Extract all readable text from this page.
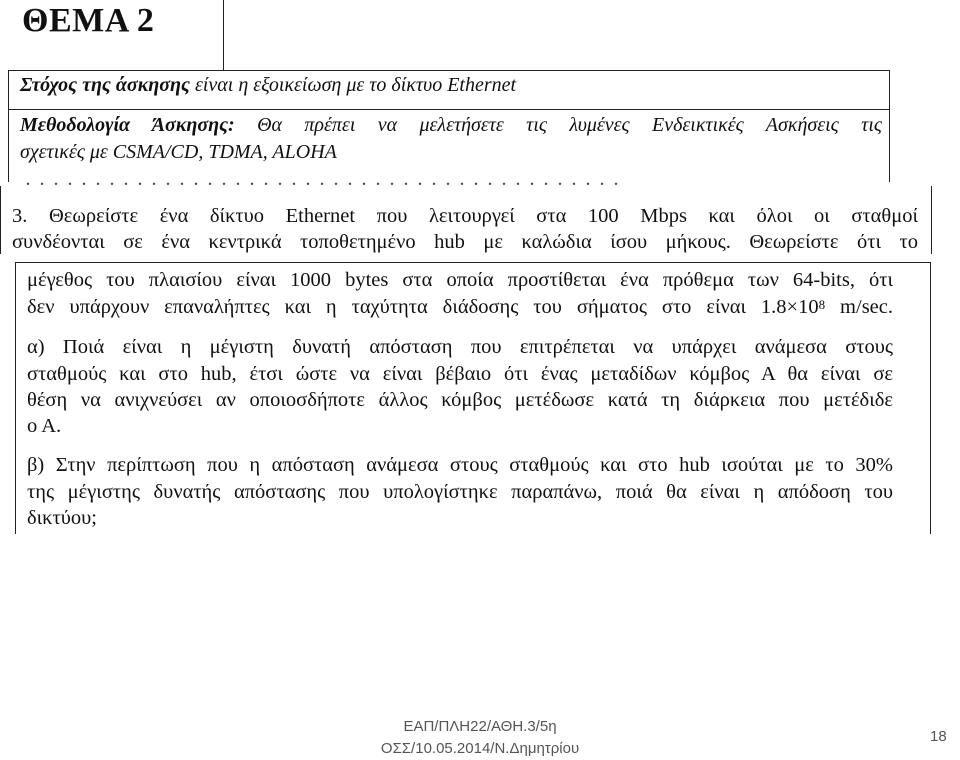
ΘΕΜΑ 2
Στόχος της άσκησης είναι η εξοικείωση με το δίκτυο Ethernet
Μεθοδολογία Άσκησης: Θα πρέπει να μελετήσετε τις λυμένες Ενδεικτικές Ασκήσεις τις
σχετικές με CSMA/CD, TDMA, ALOHA
. . . . . . . . . . . . . . . . . . . . . . . . . . . . . . . . . . . . . . . . . . .
3. Θεωρείστε ένα δίκτυο Ethernet που λειτουργεί στα 100 Mbps και όλοι οι σταθμοί
συνδέονται σε ένα κεντρικά τοποθετημένο hub με καλώδια ίσου μήκους. Θεωρείστε ότι το
μέγεθος του πλαισίου είναι 1000 bytes στα οποία προστίθεται ένα πρόθεμα των 64-bits, ότι
δεν υπάρχουν επαναλήπτες και η ταχύτητα διάδοσης του σήματος στο είναι $1.8\times 10^8$ m/sec.
α) Ποιά είναι η μέγιστη δυνατή απόσταση που επιτρέπεται να υπάρχει ανάμεσα στους
σταθμούς και στο hub, έτσι ώστε να είναι βέβαιο ότι ένας μεταδίδων κόμβος Α θα είναι σε
θέση να ανιχνεύσει αν οποιοσδήποτε άλλος κόμβος μετέδωσε κατά τη διάρκεια που μετέδιδε
ο Α.
β) Στην περίπτωση που η απόσταση ανάμεσα στους σταθμούς και στο hub ισούται με το 30%
της μέγιστης δυνατής απόστασης που υπολογίστηκε παραπάνω, ποιά θα είναι η απόδοση του
δικτύου;
ΕΑΠ/ΠΛΗ22/ΑΘΗ.3/5η
ΟΣΣ/10.05.2014/Ν.Δημητρίου
18
